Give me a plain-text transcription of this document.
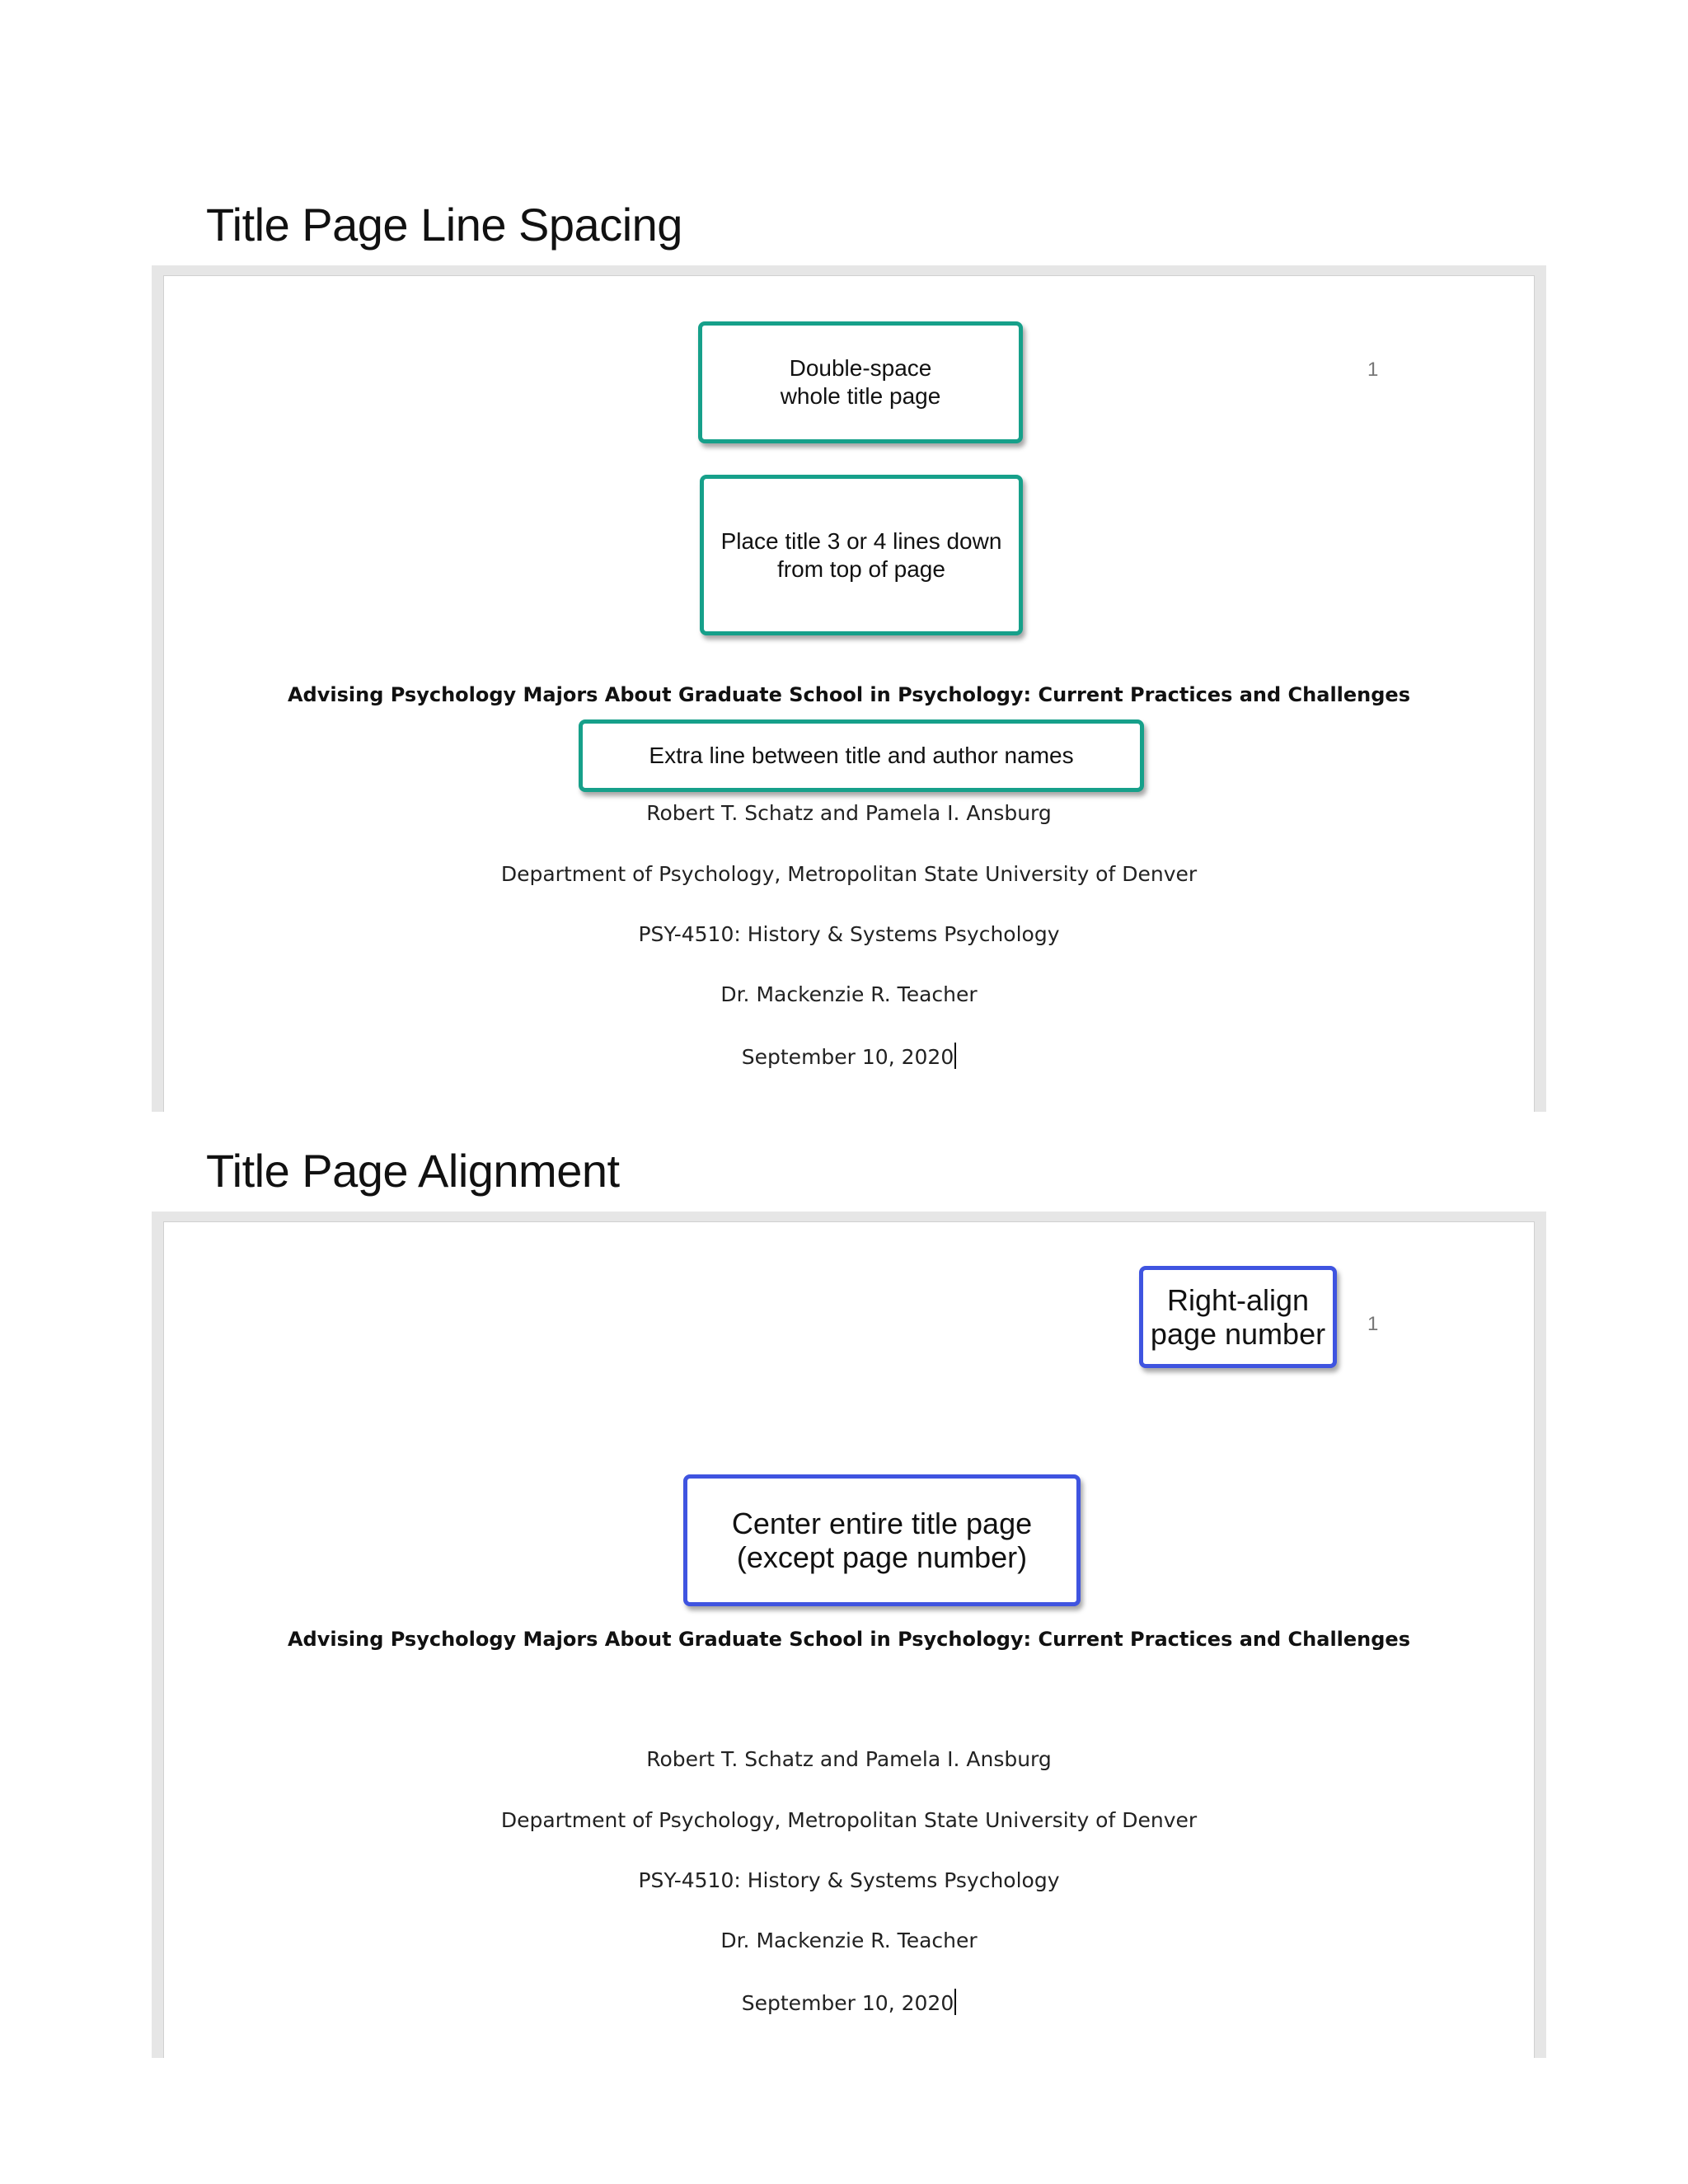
Title Page Line Spacing
1
Double-space
whole title page
Place title 3 or 4 lines down
from top of page
Advising Psychology Majors About Graduate School in Psychology: Current Practices and Challenges
Extra line between title and author names
Robert T. Schatz and Pamela I. Ansburg
Department of Psychology, Metropolitan State University of Denver
PSY-4510: History & Systems Psychology
Dr. Mackenzie R. Teacher
September 10, 2020
Title Page Alignment
1
Right-align
page number
Center entire title page
(except page number)
Advising Psychology Majors About Graduate School in Psychology: Current Practices and Challenges
Robert T. Schatz and Pamela I. Ansburg
Department of Psychology, Metropolitan State University of Denver
PSY-4510: History & Systems Psychology
Dr. Mackenzie R. Teacher
September 10, 2020
